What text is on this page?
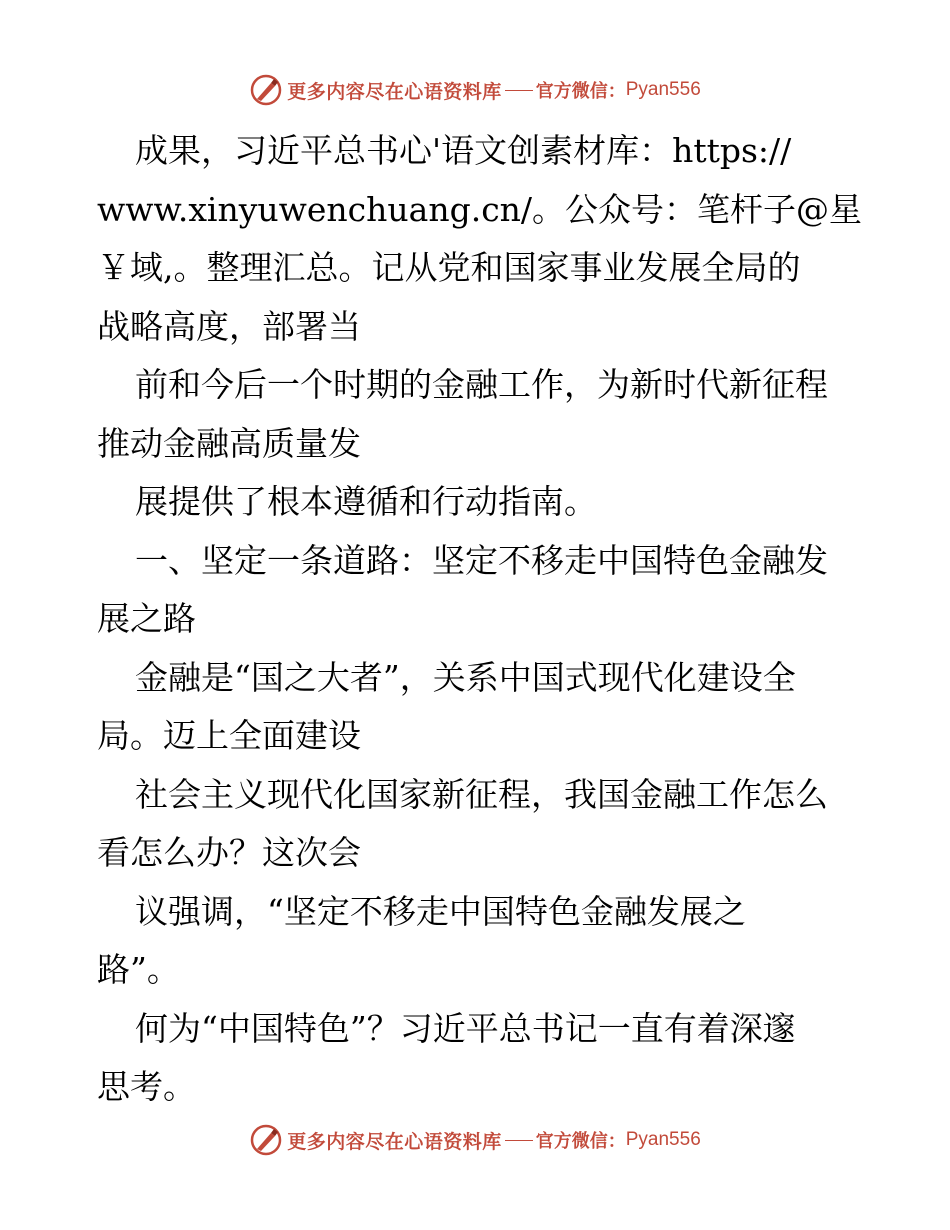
更多内容尽在心语资料库 官方微信： Pyan556
成果，习近平总书心'语文创素材库：https://
www.xinyuwenchuang.cn/。公众号：笔杆子@星
￥域,。整理汇总。记从党和国家事业发展全局的
战略高度，部署当
前和今后一个时期的金融工作，为新时代新征程
推动金融高质量发
展提供了根本遵循和行动指南。
一、坚定一条道路：坚定不移走中国特色金融发
展之路
金融是“国之大者”，关系中国式现代化建设全
局。迈上全面建设
社会主义现代化国家新征程，我国金融工作怎么
看怎么办？这次会
议强调，“坚定不移走中国特色金融发展之
路”。
何为“中国特色”？习近平总书记一直有着深邃
思考。
更多内容尽在心语资料库 官方微信： Pyan556
